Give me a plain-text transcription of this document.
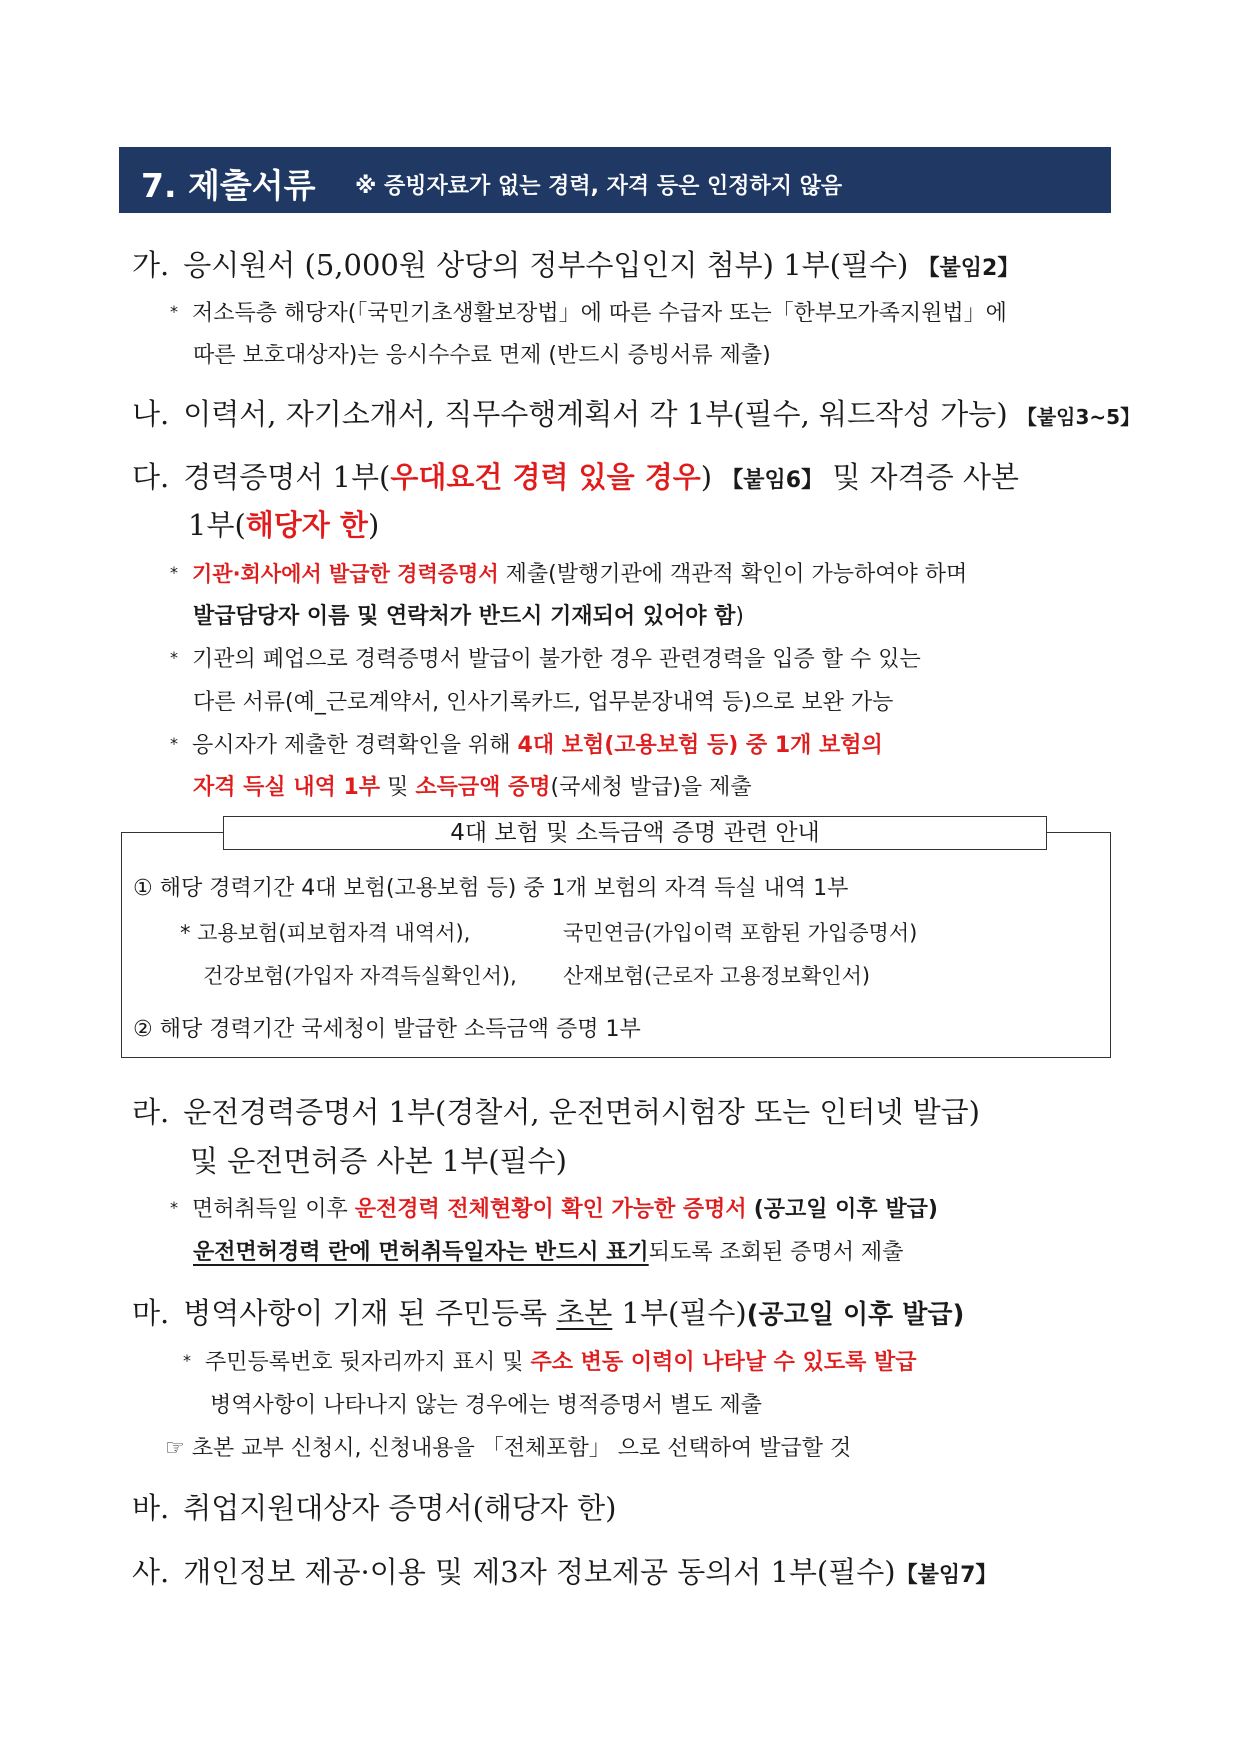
7. 제출서류 ※ 증빙자료가 없는 경력, 자격 등은 인정하지 않음
가. 응시원서 (5,000원 상당의 정부수입인지 첨부) 1부(필수) 【붙임2】
* 저소득층 해당자(「국민기초생활보장법」에 따른 수급자 또는「한부모가족지원법」에
따른 보호대상자)는 응시수수료 면제 (반드시 증빙서류 제출)
나. 이력서, 자기소개서, 직무수행계획서 각 1부(필수, 워드작성 가능) 【붙임3~5】
다. 경력증명서 1부(우대요건 경력 있을 경우) 【붙임6】 및 자격증 사본
1부(해당자 한)
* 기관·회사에서 발급한 경력증명서 제출(발행기관에 객관적 확인이 가능하여야 하며
발급담당자 이름 및 연락처가 반드시 기재되어 있어야 함)
* 기관의 폐업으로 경력증명서 발급이 불가한 경우 관련경력을 입증 할 수 있는
다른 서류(예_근로계약서, 인사기록카드, 업무분장내역 등)으로 보완 가능
* 응시자가 제출한 경력확인을 위해 4대 보험(고용보험 등) 중 1개 보험의
자격 득실 내역 1부 및 소득금액 증명(국세청 발급)을 제출
4대 보험 및 소득금액 증명 관련 안내
① 해당 경력기간 4대 보험(고용보험 등) 중 1개 보험의 자격 득실 내역 1부
* 고용보험(피보험자격 내역서),	국민연금(가입이력 포함된 가입증명서)
건강보험(가입자 자격득실확인서), 산재보험(근로자 고용정보확인서)
② 해당 경력기간 국세청이 발급한 소득금액 증명 1부
라. 운전경력증명서 1부(경찰서, 운전면허시험장 또는 인터넷 발급)
및 운전면허증 사본 1부(필수)
* 면허취득일 이후 운전경력 전체현황이 확인 가능한 증명서 (공고일 이후 발급)
운전면허경력 란에 면허취득일자는 반드시 표기되도록 조회된 증명서 제출
마. 병역사항이 기재 된 주민등록 초본 1부(필수)(공고일 이후 발급)
* 주민등록번호 뒷자리까지 표시 및 주소 변동 이력이 나타날 수 있도록 발급
병역사항이 나타나지 않는 경우에는 병적증명서 별도 제출
☞ 초본 교부 신청시, 신청내용을 「전체포함」 으로 선택하여 발급할 것
바. 취업지원대상자 증명서(해당자 한)
사. 개인정보 제공·이용 및 제3자 정보제공 동의서 1부(필수)【붙임7】
